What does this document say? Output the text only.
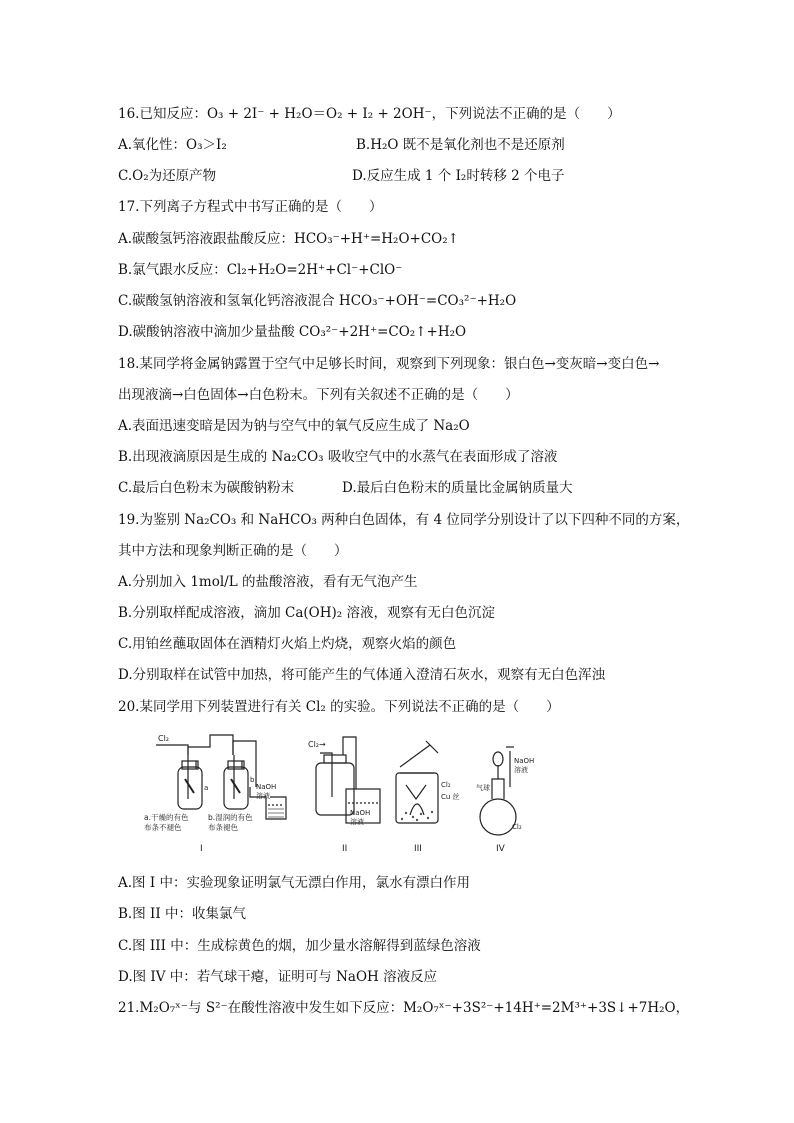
16.已知反应：O₃ + 2I⁻ + H₂O＝O₂ + I₂ + 2OH⁻，下列说法不正确的是（　　）
A.氧化性：O₃＞I₂	B.H₂O 既不是氧化剂也不是还原剂
C.O₂为还原产物	D.反应生成 1 个 I₂时转移 2 个电子
17.下列离子方程式中书写正确的是（　　）
A.碳酸氢钙溶液跟盐酸反应：HCO₃⁻+H⁺=H₂O+CO₂↑
B.氯气跟水反应：Cl₂+H₂O=2H⁺+Cl⁻+ClO⁻
C.碳酸氢钠溶液和氢氧化钙溶液混合 HCO₃⁻+OH⁻=CO₃²⁻+H₂O
D.碳酸钠溶液中滴加少量盐酸 CO₃²⁻+2H⁺=CO₂↑+H₂O
18.某同学将金属钠露置于空气中足够长时间，观察到下列现象：银白色→变灰暗→变白色→
出现液滴→白色固体→白色粉末。下列有关叙述不正确的是（　　）
A.表面迅速变暗是因为钠与空气中的氧气反应生成了 Na₂O
B.出现液滴原因是生成的 Na₂CO₃ 吸收空气中的水蒸气在表面形成了溶液
C.最后白色粉末为碳酸钠粉末	D.最后白色粉末的质量比金属钠质量大
19.为鉴别 Na₂CO₃ 和 NaHCO₃ 两种白色固体，有 4 位同学分别设计了以下四种不同的方案，
其中方法和现象判断正确的是（　　）
A.分别加入 1mol/L 的盐酸溶液，看有无气泡产生
B.分别取样配成溶液，滴加 Ca(OH)₂ 溶液，观察有无白色沉淀
C.用铂丝蘸取固体在酒精灯火焰上灼烧，观察火焰的颜色
D.分别取样在试管中加热，将可能产生的气体通入澄清石灰水，观察有无白色浑浊
20.某同学用下列装置进行有关 Cl₂ 的实验。下列说法不正确的是（　　）
Cl₂
a
b
a.干燥的有色
布条不褪色
b.湿润的有色
布条褪色
NaOH
溶液
I
Cl₂→
NaOH
溶液
II
Cl₂
Cu 丝
III
气球
NaOH
溶液
Cl₂
IV
A.图 I 中：实验现象证明氯气无漂白作用，氯水有漂白作用
B.图 II 中：收集氯气
C.图 III 中：生成棕黄色的烟，加少量水溶解得到蓝绿色溶液
D.图 IV 中：若气球干瘪，证明可与 NaOH 溶液反应
21.M₂O₇ˣ⁻与 S²⁻在酸性溶液中发生如下反应：M₂O₇ˣ⁻+3S²⁻+14H⁺=2M³⁺+3S↓+7H₂O，
